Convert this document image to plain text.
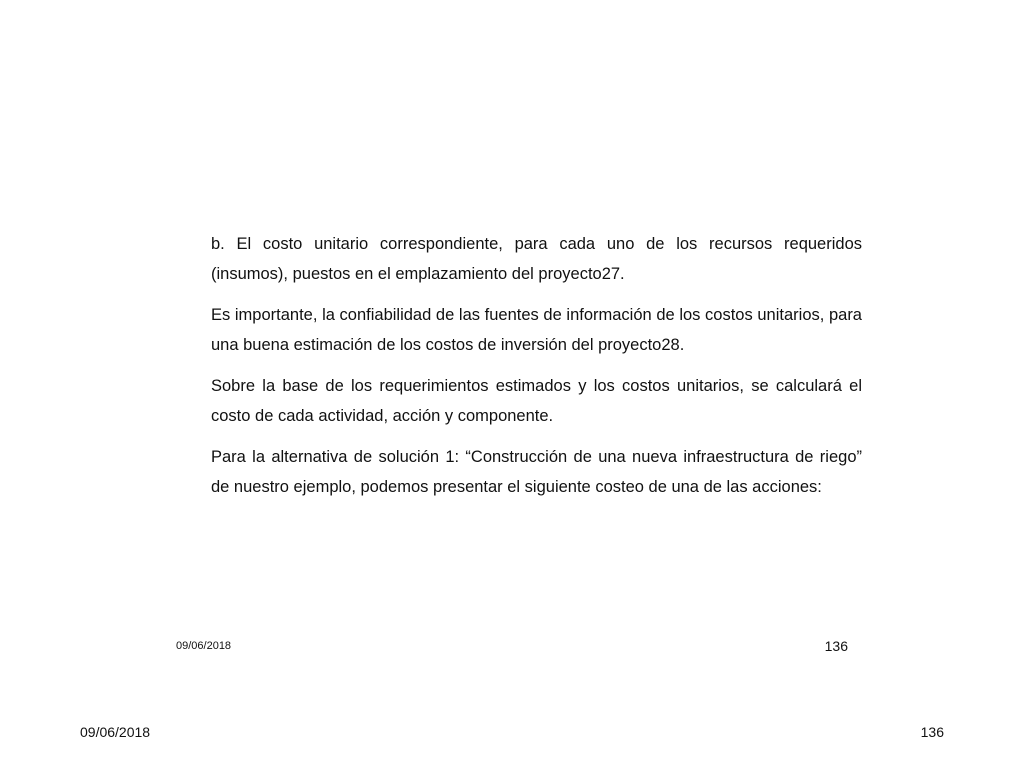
b. El costo unitario correspondiente, para cada uno de los recursos requeridos (insumos), puestos en el emplazamiento del proyecto27.

Es importante, la confiabilidad de las fuentes de información de los costos unitarios, para una buena estimación de los costos de inversión del proyecto28.

Sobre la base de los requerimientos estimados y los costos unitarios, se calculará el costo de cada actividad, acción y componente.

Para la alternativa de solución 1: “Construcción de una nueva infraestructura de riego” de nuestro ejemplo, podemos presentar el siguiente costeo de una de las acciones:

09/06/2018	136
09/06/2018	136
